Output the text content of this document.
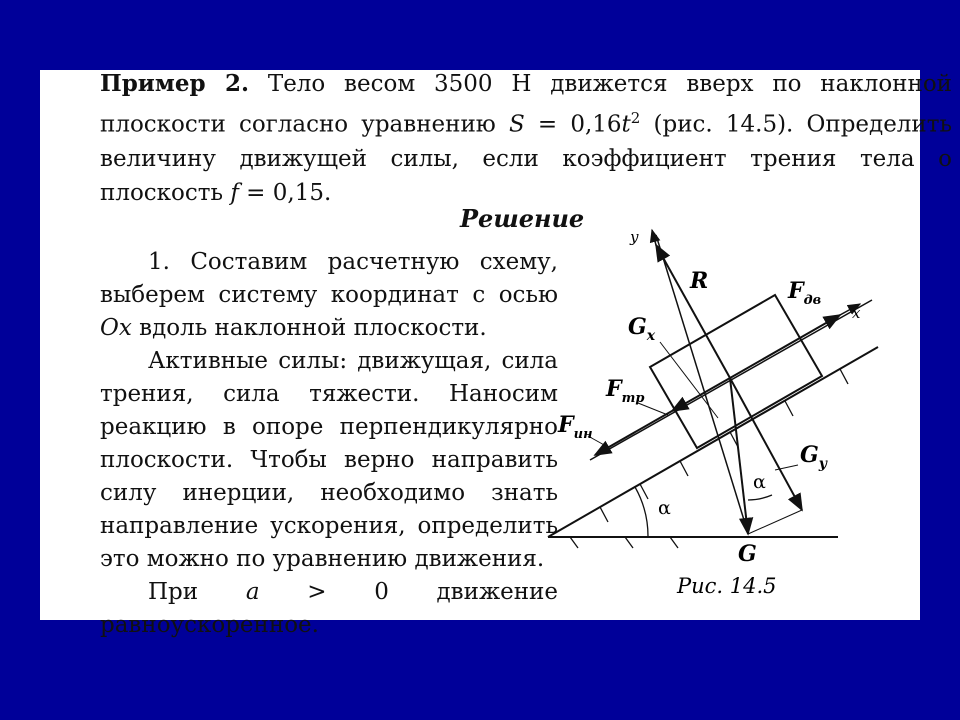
Пример 2. Тело весом 3500 Н движется вверх по наклонной плоскости согласно уравнению $S = 0,16t^2$ (рис. 14.5). Определить величину движущей силы, если коэффициент трения тела о плоскость f = 0,15.
Решение

1. Составим расчетную схему, выберем систему координат с осью Ox вдоль наклонной плоскости.

Активные силы: движущая, сила трения, сила тяжести. Наносим реакцию в опоре перпендикулярно плоскости. Чтобы верно направить силу инерции, необходимо знать направление ускорения, определить это можно по уравнению движения.

При a > 0 движение равноускоренное.

y
x
R	$F_{дв}$
$G_x$
$F_{тр}$
$F_{ин}$
$G_y$
α
α
G
Рис. 14.5
